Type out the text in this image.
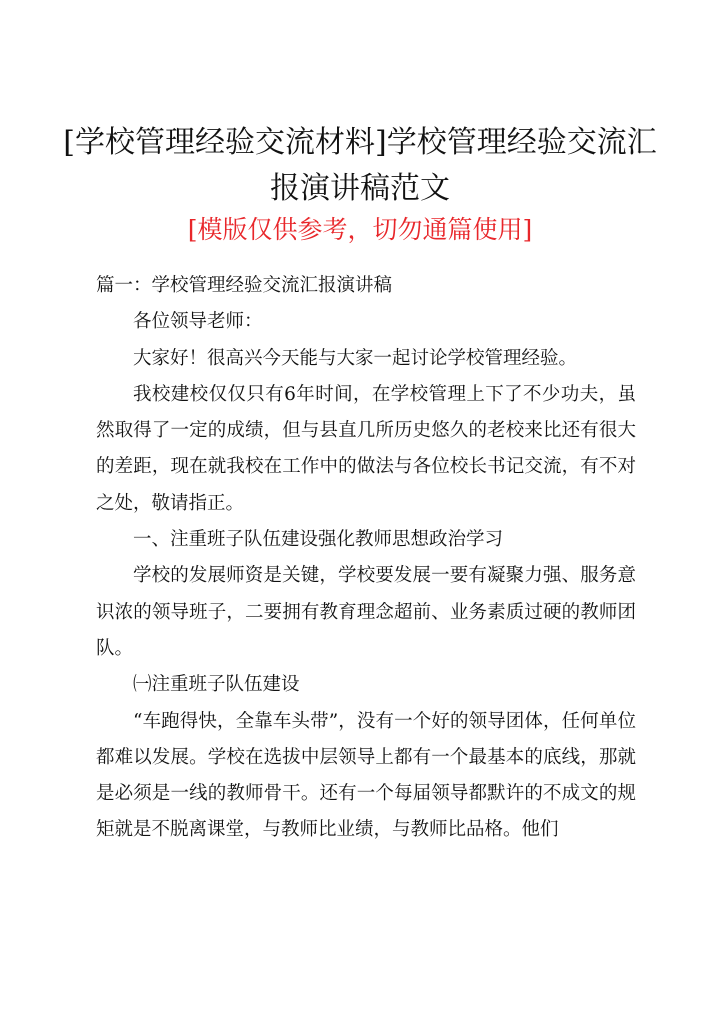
[学校管理经验交流材料]学校管理经验交流汇
报演讲稿范文
[模版仅供参考，切勿通篇使用]

篇一：学校管理经验交流汇报演讲稿

各位领导老师：

大家好！很高兴今天能与大家一起讨论学校管理经验。

我校建校仅仅只有6年时间，在学校管理上下了不少功夫，虽然取得了一定的成绩，但与县直几所历史悠久的老校来比还有很大的差距，现在就我校在工作中的做法与各位校长书记交流，有不对之处，敬请指正。

一、注重班子队伍建设强化教师思想政治学习

学校的发展师资是关键，学校要发展一要有凝聚力强、服务意识浓的领导班子，二要拥有教育理念超前、业务素质过硬的教师团队。

㈠注重班子队伍建设

“车跑得快，全靠车头带”，没有一个好的领导团体，任何单位都难以发展。学校在选拔中层领导上都有一个最基本的底线，那就是必须是一线的教师骨干。还有一个每届领导都默许的不成文的规矩就是不脱离课堂，与教师比业绩，与教师比品格。他们
